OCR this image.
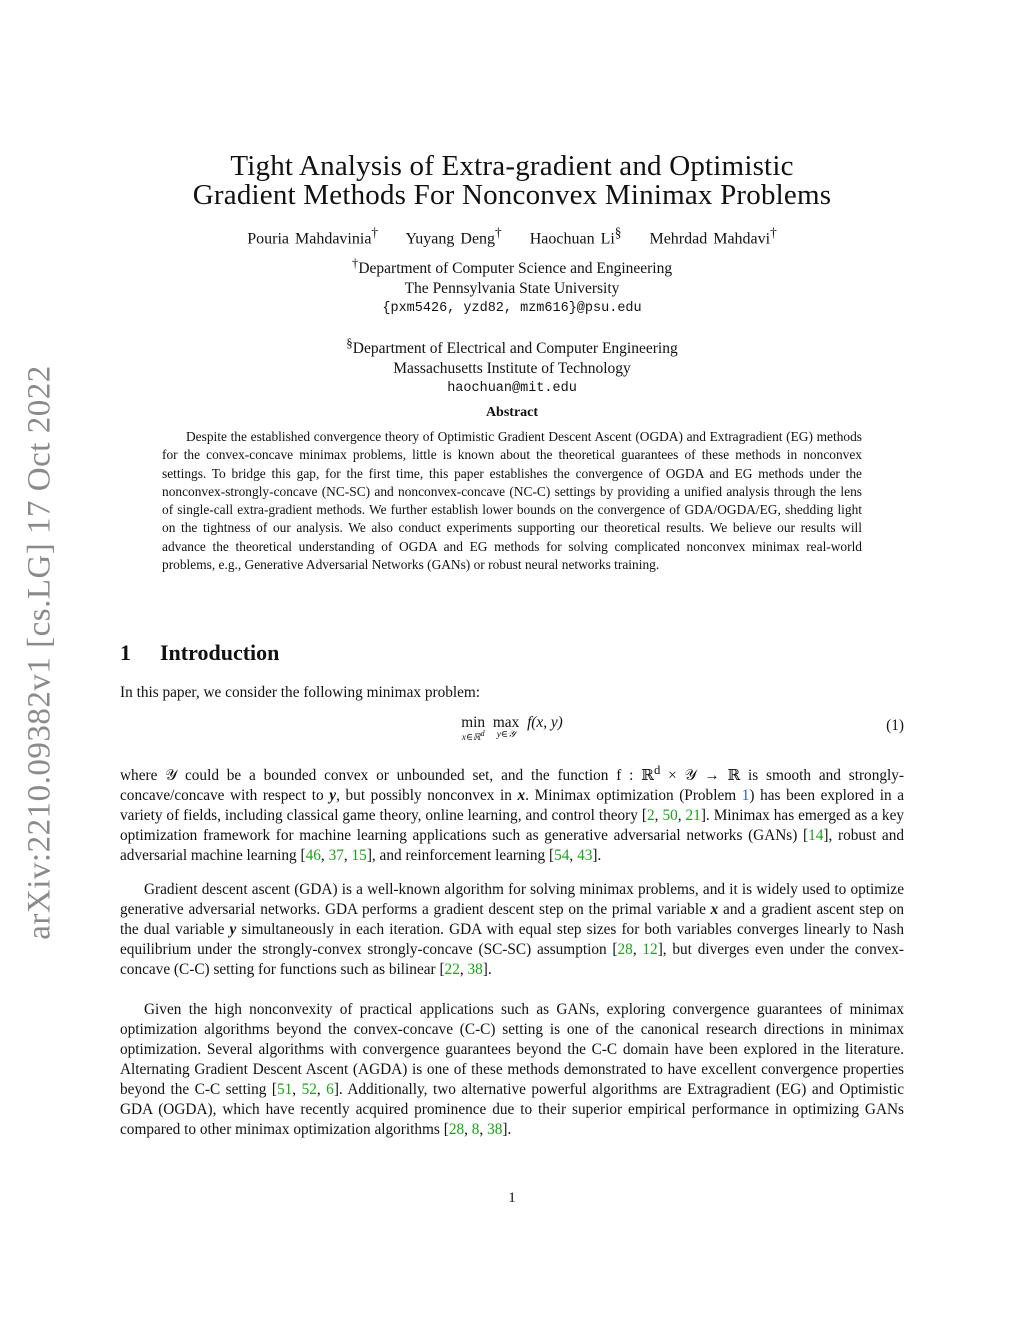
arXiv:2210.09382v1 [cs.LG] 17 Oct 2022
Tight Analysis of Extra-gradient and Optimistic
Gradient Methods For Nonconvex Minimax Problems
Pouria Mahdavinia† Yuyang Deng† Haochuan Li§ Mehrdad Mahdavi†
†Department of Computer Science and Engineering
The Pennsylvania State University
{pxm5426, yzd82, mzm616}@psu.edu
§Department of Electrical and Computer Engineering
Massachusetts Institute of Technology
haochuan@mit.edu
Abstract
Despite the established convergence theory of Optimistic Gradient Descent Ascent (OGDA) and Extragradient (EG) methods for the convex-concave minimax problems, little is known about the theoretical guarantees of these methods in nonconvex settings. To bridge this gap, for the first time, this paper establishes the convergence of OGDA and EG methods under the nonconvex-strongly-concave (NC-SC) and nonconvex-concave (NC-C) settings by providing a unified analysis through the lens of single-call extra-gradient methods. We further establish lower bounds on the convergence of GDA/OGDA/EG, shedding light on the tightness of our analysis. We also conduct experiments supporting our theoretical results. We believe our results will advance the theoretical understanding of OGDA and EG methods for solving complicated nonconvex minimax real-world problems, e.g., Generative Adversarial Networks (GANs) or robust neural networks training.
1 Introduction
In this paper, we consider the following minimax problem:
min
x∈ℝ$^d$
max
y∈𝒴
f(x, y)	(1)
where 𝒴 could be a bounded convex or unbounded set, and the function f : ℝ$^d$ × 𝒴 → ℝ is smooth and strongly-concave/concave with respect to y, but possibly nonconvex in x. Minimax optimization (Problem 1) has been explored in a variety of fields, including classical game theory, online learning, and control theory [2, 50, 21]. Minimax has emerged as a key optimization framework for machine learning applications such as generative adversarial networks (GANs) [14], robust and adversarial machine learning [46, 37, 15], and reinforcement learning [54, 43].
Gradient descent ascent (GDA) is a well-known algorithm for solving minimax problems, and it is widely used to optimize generative adversarial networks. GDA performs a gradient descent step on the primal variable x and a gradient ascent step on the dual variable y simultaneously in each iteration. GDA with equal step sizes for both variables converges linearly to Nash equilibrium under the strongly-convex strongly-concave (SC-SC) assumption [28, 12], but diverges even under the convex-concave (C-C) setting for functions such as bilinear [22, 38].
Given the high nonconvexity of practical applications such as GANs, exploring convergence guarantees of minimax optimization algorithms beyond the convex-concave (C-C) setting is one of the canonical research directions in minimax optimization. Several algorithms with convergence guarantees beyond the C-C domain have been explored in the literature. Alternating Gradient Descent Ascent (AGDA) is one of these methods demonstrated to have excellent convergence properties beyond the C-C setting [51, 52, 6]. Additionally, two alternative powerful algorithms are Extragradient (EG) and Optimistic GDA (OGDA), which have recently acquired prominence due to their superior empirical performance in optimizing GANs compared to other minimax optimization algorithms [28, 8, 38].
1
